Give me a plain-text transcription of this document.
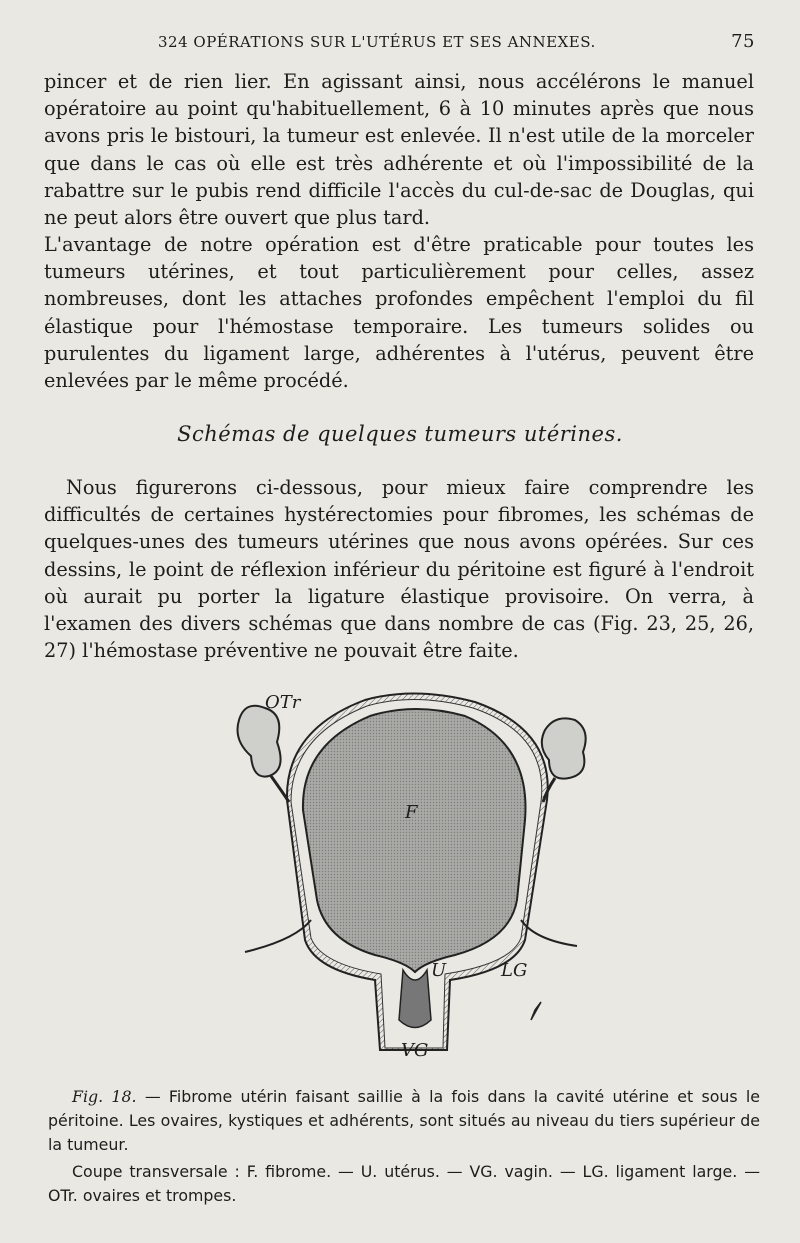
324 OPÉRATIONS SUR L'UTÉRUS ET SES ANNEXES.	75

pincer et de rien lier. En agissant ainsi, nous accélérons le manuel opératoire au point qu'habituellement, 6 à 10 minutes après que nous avons pris le bistouri, la tumeur est enlevée. Il n'est utile de la morceler que dans le cas où elle est très adhérente et où l'impossibilité de la rabattre sur le pubis rend difficile l'accès du cul-de-sac de Douglas, qui ne peut alors être ouvert que plus tard.

L'avantage de notre opération est d'être praticable pour toutes les tumeurs utérines, et tout particulièrement pour celles, assez nombreuses, dont les attaches profondes empêchent l'emploi du fil élastique pour l'hémostase temporaire. Les tumeurs solides ou purulentes du ligament large, adhérentes à l'utérus, peuvent être enlevées par le même procédé.

Schémas de quelques tumeurs utérines.

Nous figurerons ci-dessous, pour mieux faire comprendre les difficultés de certaines hystérectomies pour fibromes, les schémas de quelques-unes des tumeurs utérines que nous avons opérées. Sur ces dessins, le point de réflexion inférieur du péritoine est figuré à l'endroit où aurait pu porter la ligature élastique provisoire. On verra, à l'examen des divers schémas que dans nombre de cas (Fig. 23, 25, 26, 27) l'hémostase préventive ne pouvait être faite.

OTr
F
U	LG
VG

Fig. 18. — Fibrome utérin faisant saillie à la fois dans la cavité utérine et sous le péritoine. Les ovaires, kystiques et adhérents, sont situés au niveau du tiers supérieur de la tumeur.

Coupe transversale : F. fibrome. — U. utérus. — VG. vagin. — LG. ligament large. — OTr. ovaires et trompes.
